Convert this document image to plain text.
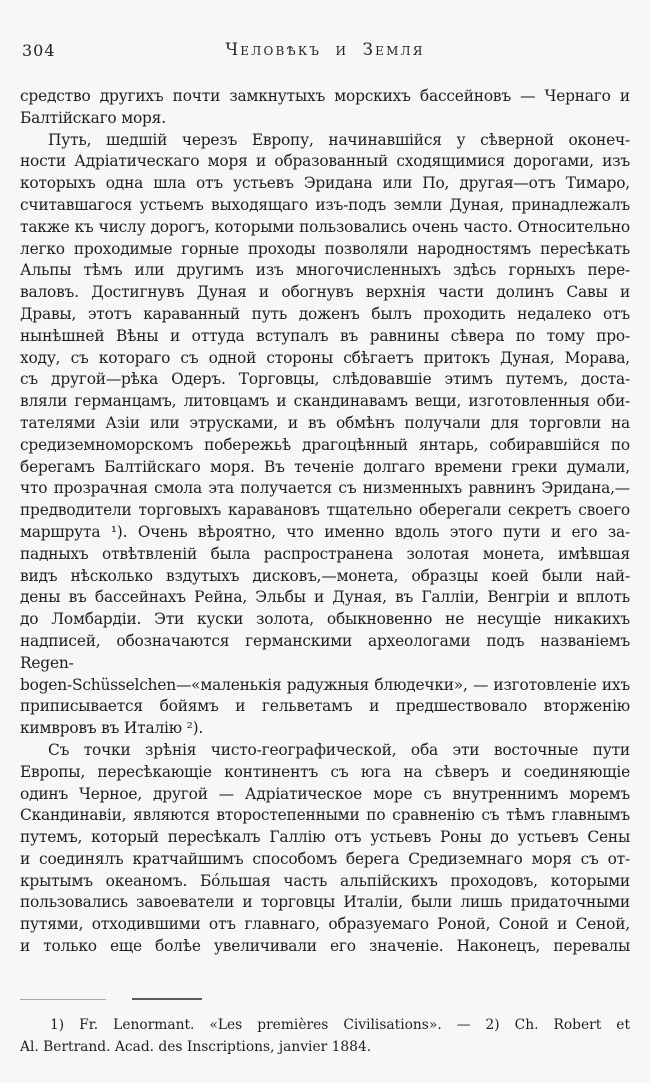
304	Человѣкъ и Земля
средство другихъ почти замкнутыхъ морскихъ бассейновъ — Чернаго и
Балтійскаго моря.
Путь, шедшій черезъ Европу, начинавшійся у сѣверной оконеч-
ности Адріатическаго моря и образованный сходящимися дорогами, изъ
которыхъ одна шла отъ устьевъ Эридана или По, другая—отъ Тимаро,
считавшагося устьемъ выходящаго изъ-подъ земли Дуная, принадлежалъ
также къ числу дорогъ, которыми пользовались очень часто. Относительно
легко проходимые горные проходы позволяли народностямъ пересѣкать
Альпы тѣмъ или другимъ изъ многочисленныхъ здѣсь горныхъ пере-
валовъ. Достигнувъ Дуная и обогнувъ верхнія части долинъ Савы и
Дравы, этотъ караванный путь доженъ былъ проходить недалеко отъ
нынѣшней Вѣны и оттуда вступалъ въ равнины сѣвера по тому про-
ходу, съ котораго съ одной стороны сбѣгаетъ притокъ Дуная, Морава,
съ другой—рѣка Одеръ. Торговцы, слѣдовавшіе этимъ путемъ, доста-
вляли германцамъ, литовцамъ и скандинавамъ вещи, изготовленныя оби-
тателями Азіи или этрусками, и въ обмѣнъ получали для торговли на
средиземноморскомъ побережьѣ драгоцѣнный янтарь, собиравшійся по
берегамъ Балтійскаго моря. Въ теченіе долгаго времени греки думали,
что прозрачная смола эта получается съ низменныхъ равнинъ Эридана,—
предводители торговыхъ каравановъ тщательно оберегали секретъ своего
маршрута ¹). Очень вѣроятно, что именно вдоль этого пути и его за-
падныхъ отвѣтвленій была распространена золотая монета, имѣвшая
видъ нѣсколько вздутыхъ дисковъ,—монета, образцы коей были най-
дены въ бассейнахъ Рейна, Эльбы и Дуная, въ Галліи, Венгріи и вплоть
до Ломбардіи. Эти куски золота, обыкновенно не несущіе никакихъ
надписей, обозначаются германскими археологами подъ названіемъ Regen-
bogen-Schüsselchen—«маленькія радужныя блюдечки», — изготовленіе ихъ
приписывается бойямъ и гельветамъ и предшествовало вторженію
кимвровъ въ Италію ²).
Съ точки зрѣнія чисто-географической, оба эти восточные пути
Европы, пересѣкающіе континентъ съ юга на сѣверъ и соединяющіе
одинъ Черное, другой — Адріатическое море съ внутреннимъ моремъ
Скандинавіи, являются второстепенными по сравненію съ тѣмъ главнымъ
путемъ, который пересѣкалъ Галлію отъ устьевъ Роны до устьевъ Сены
и соединялъ кратчайшимъ способомъ берега Средиземнаго моря съ от-
крытымъ океаномъ. Бо́льшая часть альпійскихъ проходовъ, которыми
пользовались завоеватели и торговцы Италіи, были лишь придаточными
путями, отходившими отъ главнаго, образуемаго Роной, Соной и Сеной,
и только еще болѣе увеличивали его значеніе. Наконецъ, перевалы
1) Fr. Lenormant. «Les premières Civilisations». — 2) Ch. Robert et
Al. Bertrand. Acad. des Inscriptions, janvier 1884.
